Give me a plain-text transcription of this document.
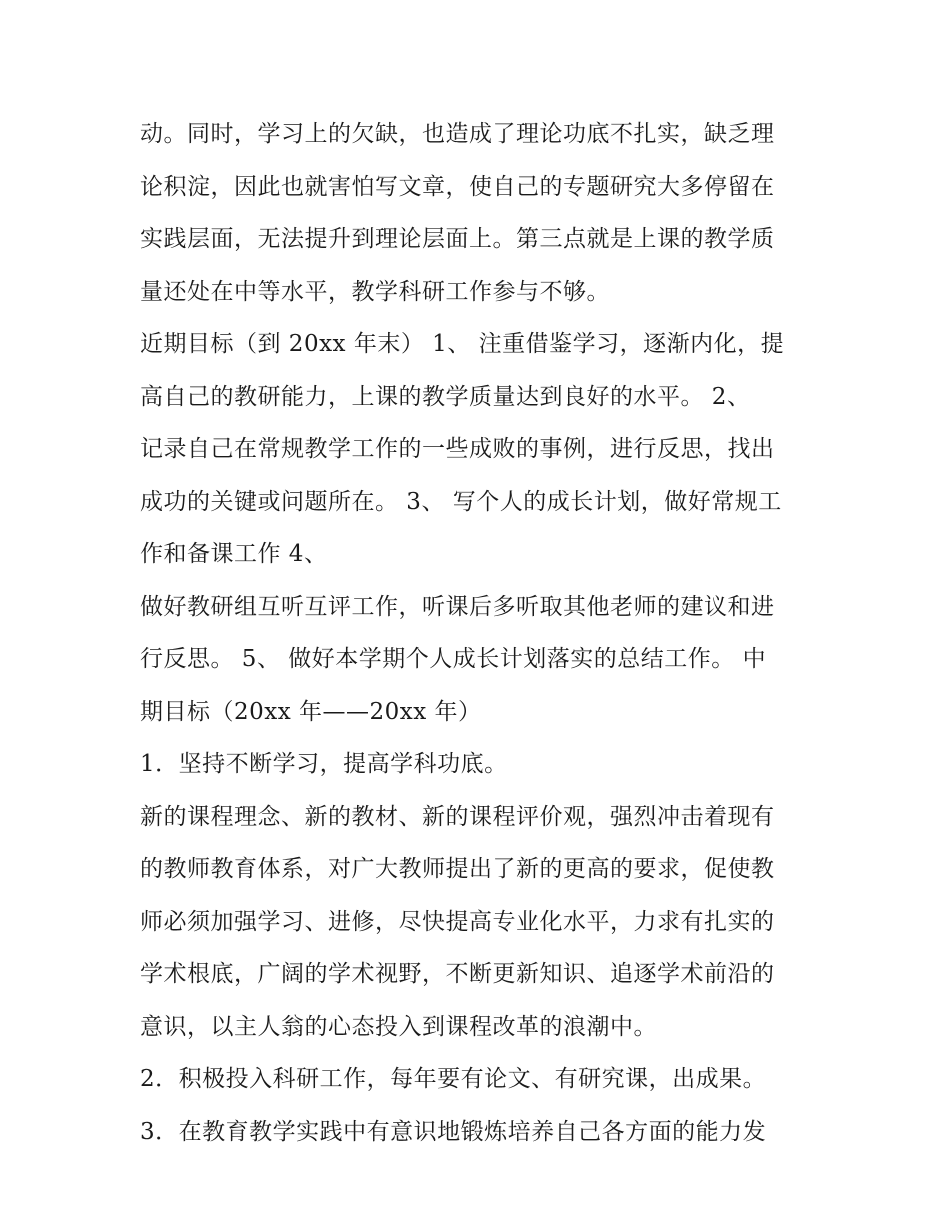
动。同时，学习上的欠缺，也造成了理论功底不扎实，缺乏理
论积淀，因此也就害怕写文章，使自己的专题研究大多停留在
实践层面，无法提升到理论层面上。第三点就是上课的教学质
量还处在中等水平，教学科研工作参与不够。
近期目标（到 20xx 年末） 1、 注重借鉴学习，逐渐内化，提
高自己的教研能力，上课的教学质量达到良好的水平。 2、
记录自己在常规教学工作的一些成败的事例，进行反思，找出
成功的关键或问题所在。 3、 写个人的成长计划，做好常规工
作和备课工作 4、
做好教研组互听互评工作，听课后多听取其他老师的建议和进
行反思。 5、 做好本学期个人成长计划落实的总结工作。 中
期目标（20xx 年——20xx 年）
1．坚持不断学习，提高学科功底。
新的课程理念、新的教材、新的课程评价观，强烈冲击着现有
的教师教育体系，对广大教师提出了新的更高的要求，促使教
师必须加强学习、进修，尽快提高专业化水平，力求有扎实的
学术根底，广阔的学术视野，不断更新知识、追逐学术前沿的
意识，以主人翁的心态投入到课程改革的浪潮中。
2．积极投入科研工作，每年要有论文、有研究课，出成果。
3．在教育教学实践中有意识地锻炼培养自己各方面的能力发
